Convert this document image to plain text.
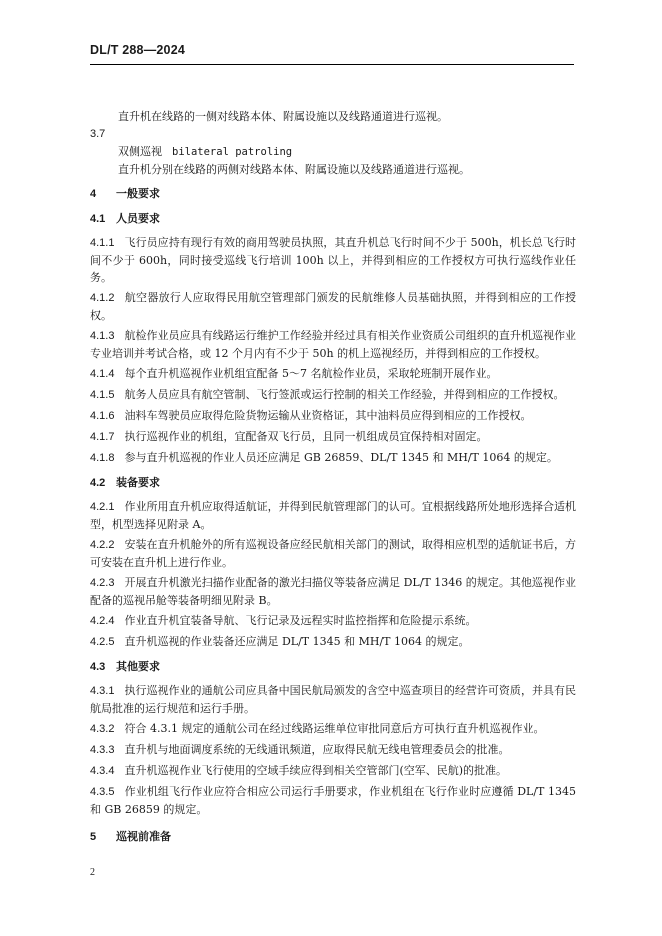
DL/T 288—2024

直升机在线路的一侧对线路本体、附属设施以及线路通道进行巡视。

3.7

双侧巡视 bilateral patroling

直升机分别在线路的两侧对线路本体、附属设施以及线路通道进行巡视。

4 一般要求
4.1 人员要求

4.1.1 飞行员应持有现行有效的商用驾驶员执照，其直升机总飞行时间不少于 500h，机长总飞行时间不少于 600h，同时接受巡线飞行培训 100h 以上，并得到相应的工作授权方可执行巡线作业任务。

4.1.2 航空器放行人应取得民用航空管理部门颁发的民航维修人员基础执照，并得到相应的工作授权。

4.1.3 航检作业员应具有线路运行维护工作经验并经过具有相关作业资质公司组织的直升机巡视作业专业培训并考试合格，或 12 个月内有不少于 50h 的机上巡视经历，并得到相应的工作授权。

4.1.4 每个直升机巡视作业机组宜配备 5～7 名航检作业员，采取轮班制开展作业。

4.1.5 航务人员应具有航空管制、飞行签派或运行控制的相关工作经验，并得到相应的工作授权。

4.1.6 油料车驾驶员应取得危险货物运输从业资格证，其中油料员应得到相应的工作授权。

4.1.7 执行巡视作业的机组，宜配备双飞行员，且同一机组成员宜保持相对固定。

4.1.8 参与直升机巡视的作业人员还应满足 GB 26859、DL/T 1345 和 MH/T 1064 的规定。

4.2 装备要求

4.2.1 作业所用直升机应取得适航证，并得到民航管理部门的认可。宜根据线路所处地形选择合适机型，机型选择见附录 A。

4.2.2 安装在直升机舱外的所有巡视设备应经民航相关部门的测试，取得相应机型的适航证书后，方可安装在直升机上进行作业。

4.2.3 开展直升机激光扫描作业配备的激光扫描仪等装备应满足 DL/T 1346 的规定。其他巡视作业配备的巡视吊舱等装备明细见附录 B。

4.2.4 作业直升机宜装备导航、飞行记录及远程实时监控指挥和危险提示系统。

4.2.5 直升机巡视的作业装备还应满足 DL/T 1345 和 MH/T 1064 的规定。

4.3 其他要求

4.3.1 执行巡视作业的通航公司应具备中国民航局颁发的含空中巡查项目的经营许可资质，并具有民航局批准的运行规范和运行手册。

4.3.2 符合 4.3.1 规定的通航公司在经过线路运维单位审批同意后方可执行直升机巡视作业。

4.3.3 直升机与地面调度系统的无线通讯频道，应取得民航无线电管理委员会的批准。

4.3.4 直升机巡视作业飞行使用的空域手续应得到相关空管部门(空军、民航)的批准。

4.3.5 作业机组飞行作业应符合相应公司运行手册要求，作业机组在飞行作业时应遵循 DL/T 1345 和 GB 26859 的规定。

5 巡视前准备
2
